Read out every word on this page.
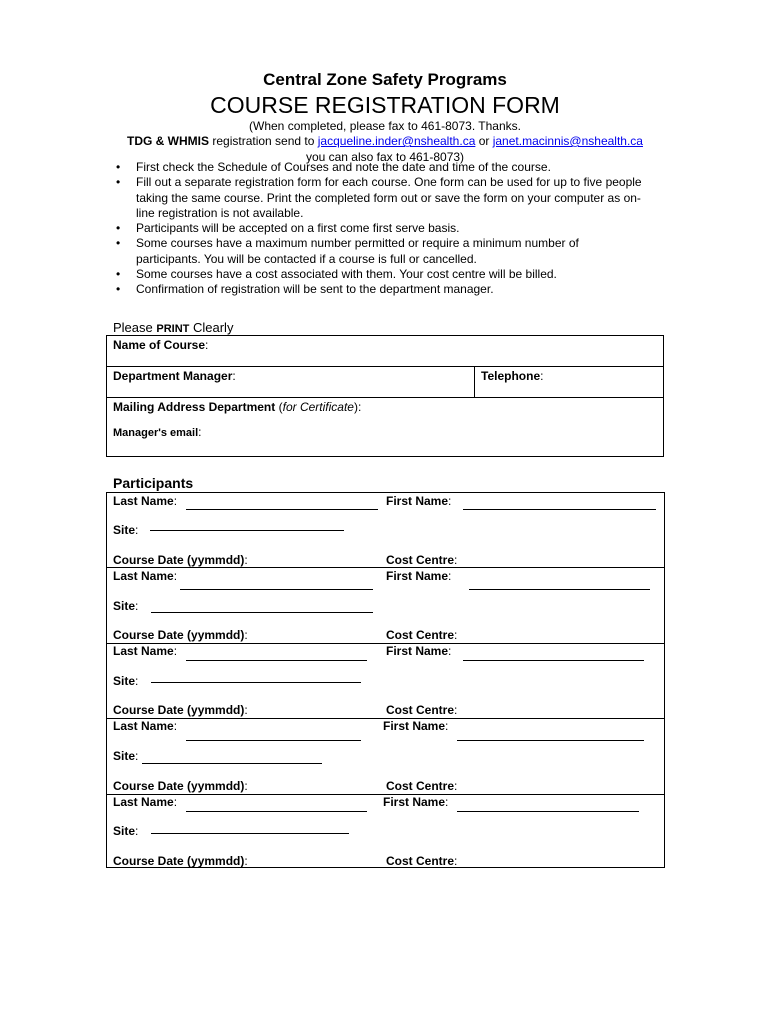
Central Zone Safety Programs
COURSE REGISTRATION FORM
(When completed, please fax to 461-8073. Thanks.
TDG & WHMIS registration send to jacqueline.inder@nshealth.ca or janet.macinnis@nshealth.ca
you can also fax to 461-8073)
• First check the Schedule of Courses and note the date and time of the course.
• Fill out a separate registration form for each course. One form can be used for up to five people taking the same course. Print the completed form out or save the form on your computer as on-line registration is not available.
• Participants will be accepted on a first come first serve basis.
• Some courses have a maximum number permitted or require a minimum number of participants. You will be contacted if a course is full or cancelled.
• Some courses have a cost associated with them. Your cost centre will be billed.
• Confirmation of registration will be sent to the department manager.
Please PRINT Clearly
Name of Course:
Department Manager:	Telephone:

Mailing Address Department (for Certificate):
Manager's email:
Participants
Last Name:	First Name:
Site:
Course Date (yymmdd):	Cost Centre:
Last Name:	First Name:
Site:
Course Date (yymmdd):	Cost Centre:
Last Name:	First Name:
Site:
Course Date (yymmdd):	Cost Centre:
Last Name:	First Name:
Site:
Course Date (yymmdd):	Cost Centre:
Last Name:	First Name:
Site:
Course Date (yymmdd):	Cost Centre:
